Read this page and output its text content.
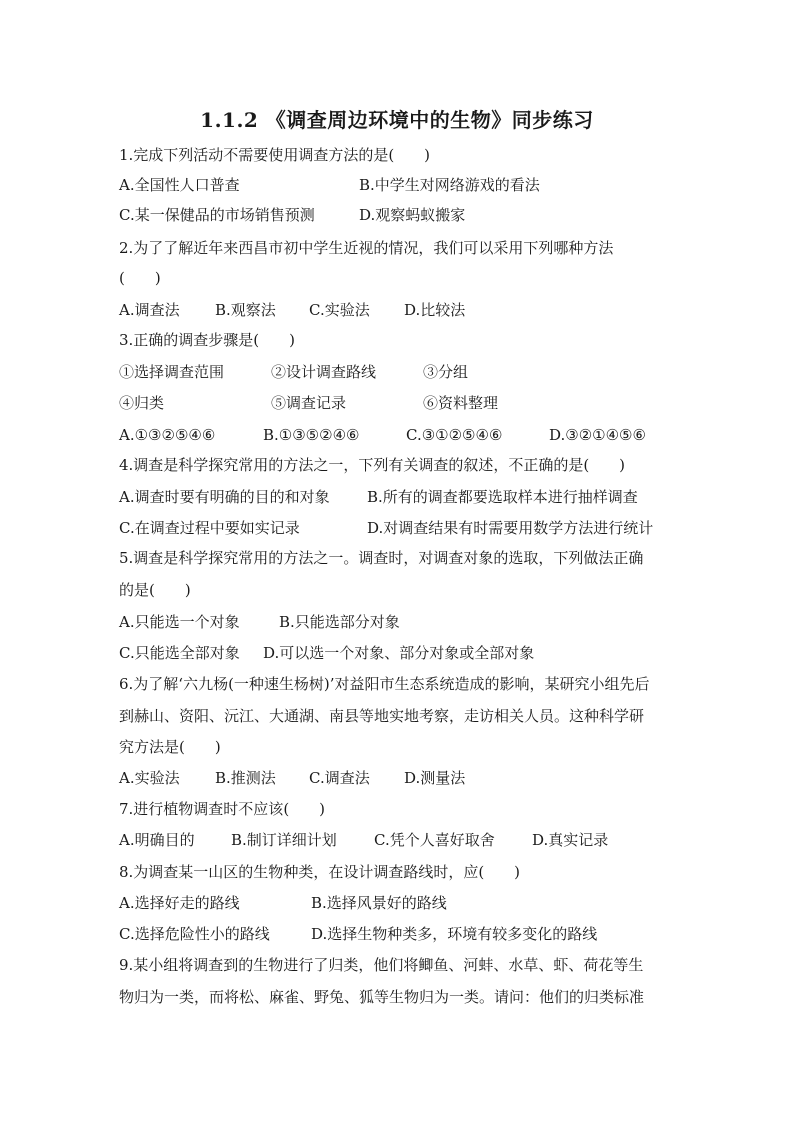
1.1.2 《调查周边环境中的生物》同步练习
1.完成下列活动不需要使用调查方法的是(　　)
A.全国性人口普查	B.中学生对网络游戏的看法
C.某一保健品的市场销售预测	D.观察蚂蚁搬家
2.为了了解近年来西昌市初中学生近视的情况，我们可以采用下列哪种方法
(　　)
A.调查法 B.观察法 C.实验法 D.比较法
3.正确的调查步骤是(　　)
①选择调查范围	②设计调查路线	③分组
④归类	⑤调查记录	⑥资料整理
A.①③②⑤④⑥	B.①③⑤②④⑥	C.③①②⑤④⑥	D.③②①④⑤⑥
4.调查是科学探究常用的方法之一，下列有关调查的叙述，不正确的是(　　)
A.调查时要有明确的目的和对象 B.所有的调查都要选取样本进行抽样调查
C.在调查过程中要如实记录	D.对调查结果有时需要用数学方法进行统计
5.调查是科学探究常用的方法之一。调查时，对调查对象的选取，下列做法正确
的是(　　)
A.只能选一个对象	B.只能选部分对象
C.只能选全部对象 D.可以选一个对象、部分对象或全部对象
6.为了解‘六九杨(一种速生杨树)’对益阳市生态系统造成的影响，某研究小组先后
到赫山、资阳、沅江、大通湖、南县等地实地考察，走访相关人员。这种科学研
究方法是(　　)
A.实验法 B.推测法 C.调查法 D.测量法
7.进行植物调查时不应该(　　)
A.明确目的 B.制订详细计划 C.凭个人喜好取舍 D.真实记录
8.为调查某一山区的生物种类，在设计调查路线时，应(　　)
A.选择好走的路线	B.选择风景好的路线
C.选择危险性小的路线	D.选择生物种类多，环境有较多变化的路线
9.某小组将调查到的生物进行了归类，他们将鲫鱼、河蚌、水草、虾、荷花等生
物归为一类，而将松、麻雀、野兔、狐等生物归为一类。请问：他们的归类标准
